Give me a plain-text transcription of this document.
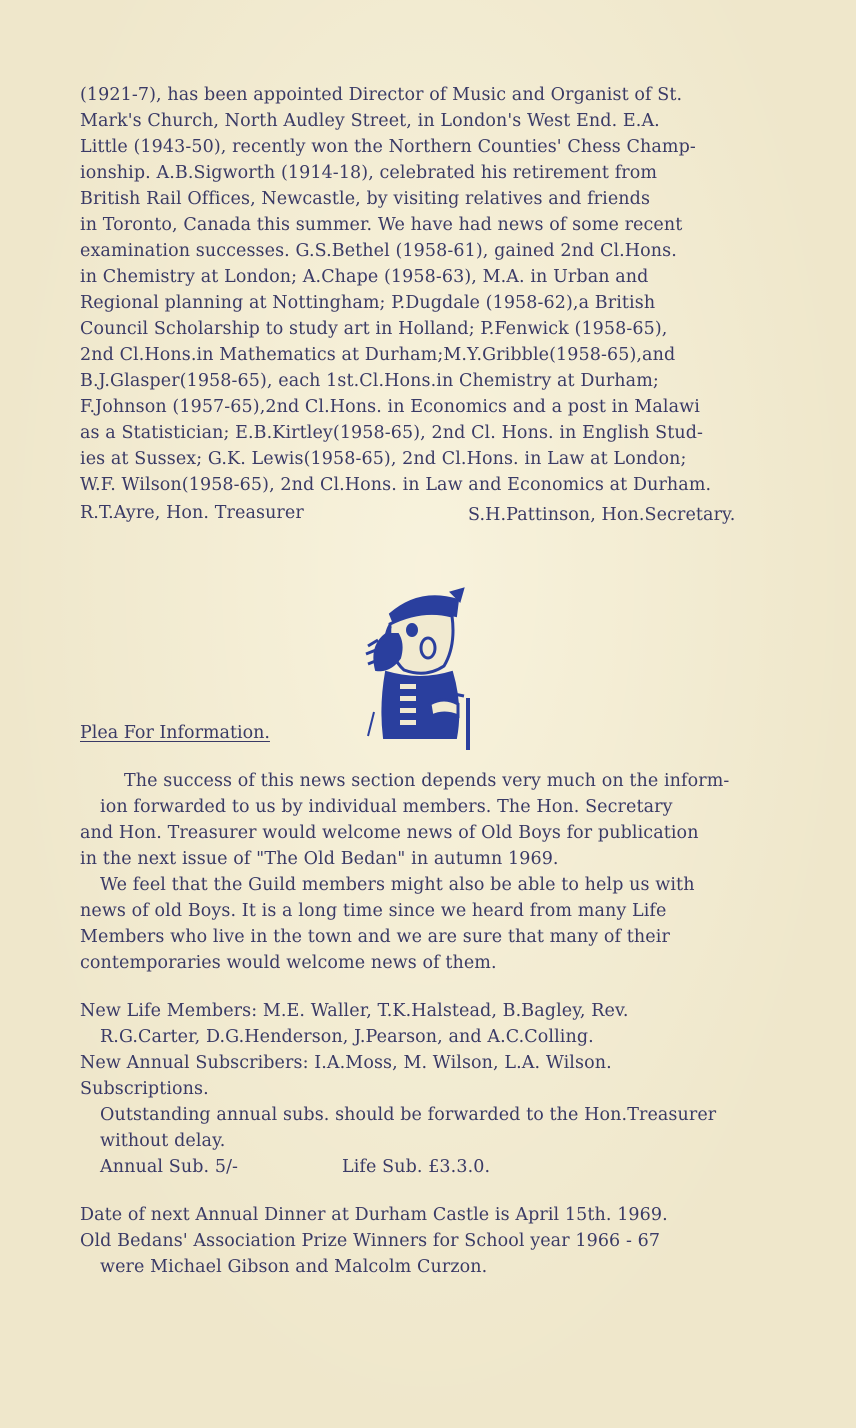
(1921-7), has been appointed Director of Music and Organist of St.
Mark's Church, North Audley Street, in London's West End. E.A.
Little (1943-50), recently won the Northern Counties' Chess Champ-
ionship. A.B.Sigworth (1914-18), celebrated his retirement from
British Rail Offices, Newcastle, by visiting relatives and friends
in Toronto, Canada this summer. We have had news of some recent
examination successes. G.S.Bethel (1958-61), gained 2nd Cl.Hons.
in Chemistry at London; A.Chape (1958-63), M.A. in Urban and
Regional planning at Nottingham; P.Dugdale (1958-62),a British
Council Scholarship to study art in Holland; P.Fenwick (1958-65),
2nd Cl.Hons.in Mathematics at Durham;M.Y.Gribble(1958-65),and
B.J.Glasper(1958-65), each 1st.Cl.Hons.in Chemistry at Durham;
F.Johnson (1957-65),2nd Cl.Hons. in Economics and a post in Malawi
as a Statistician; E.B.Kirtley(1958-65), 2nd Cl. Hons. in English Stud-
ies at Sussex; G.K. Lewis(1958-65), 2nd Cl.Hons. in Law at London;
W.F. Wilson(1958-65), 2nd Cl.Hons. in Law and Economics at Durham.
R.T.Ayre, Hon. Treasurer	S.H.Pattinson, Hon.Secretary.
Plea For Information.
The success of this news section depends very much on the inform-
ion forwarded to us by individual members. The Hon. Secretary
and Hon. Treasurer would welcome news of Old Boys for publication
in the next issue of "The Old Bedan" in autumn 1969.
We feel that the Guild members might also be able to help us with
news of old Boys. It is a long time since we heard from many Life
Members who live in the town and we are sure that many of their
contemporaries would welcome news of them.
New Life Members: M.E. Waller, T.K.Halstead, B.Bagley, Rev.
R.G.Carter, D.G.Henderson, J.Pearson, and A.C.Colling.
New Annual Subscribers: I.A.Moss, M. Wilson, L.A. Wilson.
Subscriptions.
Outstanding annual subs. should be forwarded to the Hon.Treasurer
without delay.
Annual Sub. 5/-	Life Sub. £3.3.0.
Date of next Annual Dinner at Durham Castle is April 15th. 1969.
Old Bedans' Association Prize Winners for School year 1966 - 67
were Michael Gibson and Malcolm Curzon.
